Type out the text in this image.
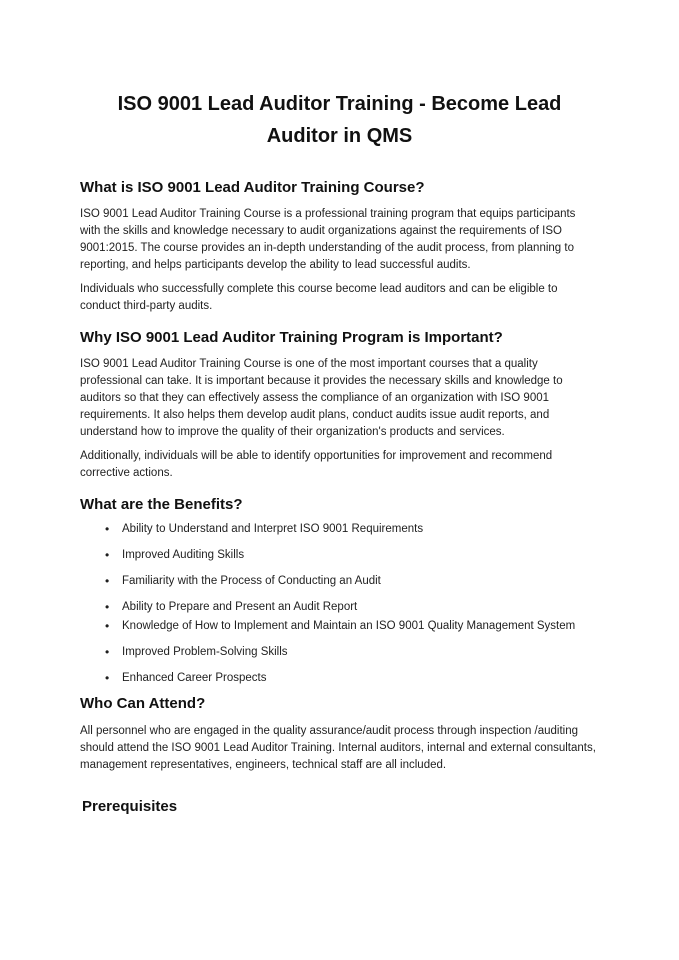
ISO 9001 Lead Auditor Training - Become Lead
Auditor in QMS
What is ISO 9001 Lead Auditor Training Course?

ISO 9001 Lead Auditor Training Course is a professional training program that equips participants with the skills and knowledge necessary to audit organizations against the requirements of ISO 9001:2015. The course provides an in-depth understanding of the audit process, from planning to reporting, and helps participants develop the ability to lead successful audits.

Individuals who successfully complete this course become lead auditors and can be eligible to conduct third-party audits.

Why ISO 9001 Lead Auditor Training Program is Important?

ISO 9001 Lead Auditor Training Course is one of the most important courses that a quality professional can take. It is important because it provides the necessary skills and knowledge to auditors so that they can effectively assess the compliance of an organization with ISO 9001 requirements. It also helps them develop audit plans, conduct audits issue audit reports, and understand how to improve the quality of their organization's products and services.

Additionally, individuals will be able to identify opportunities for improvement and recommend corrective actions.

What are the Benefits?
• Ability to Understand and Interpret ISO 9001 Requirements
• Improved Auditing Skills
• Familiarity with the Process of Conducting an Audit
• Ability to Prepare and Present an Audit Report
• Knowledge of How to Implement and Maintain an ISO 9001 Quality Management System
• Improved Problem-Solving Skills
• Enhanced Career Prospects
Who Can Attend?

All personnel who are engaged in the quality assurance/audit process through inspection /auditing should attend the ISO 9001 Lead Auditor Training. Internal auditors, internal and external consultants, management representatives, engineers, technical staff are all included.

Prerequisites
